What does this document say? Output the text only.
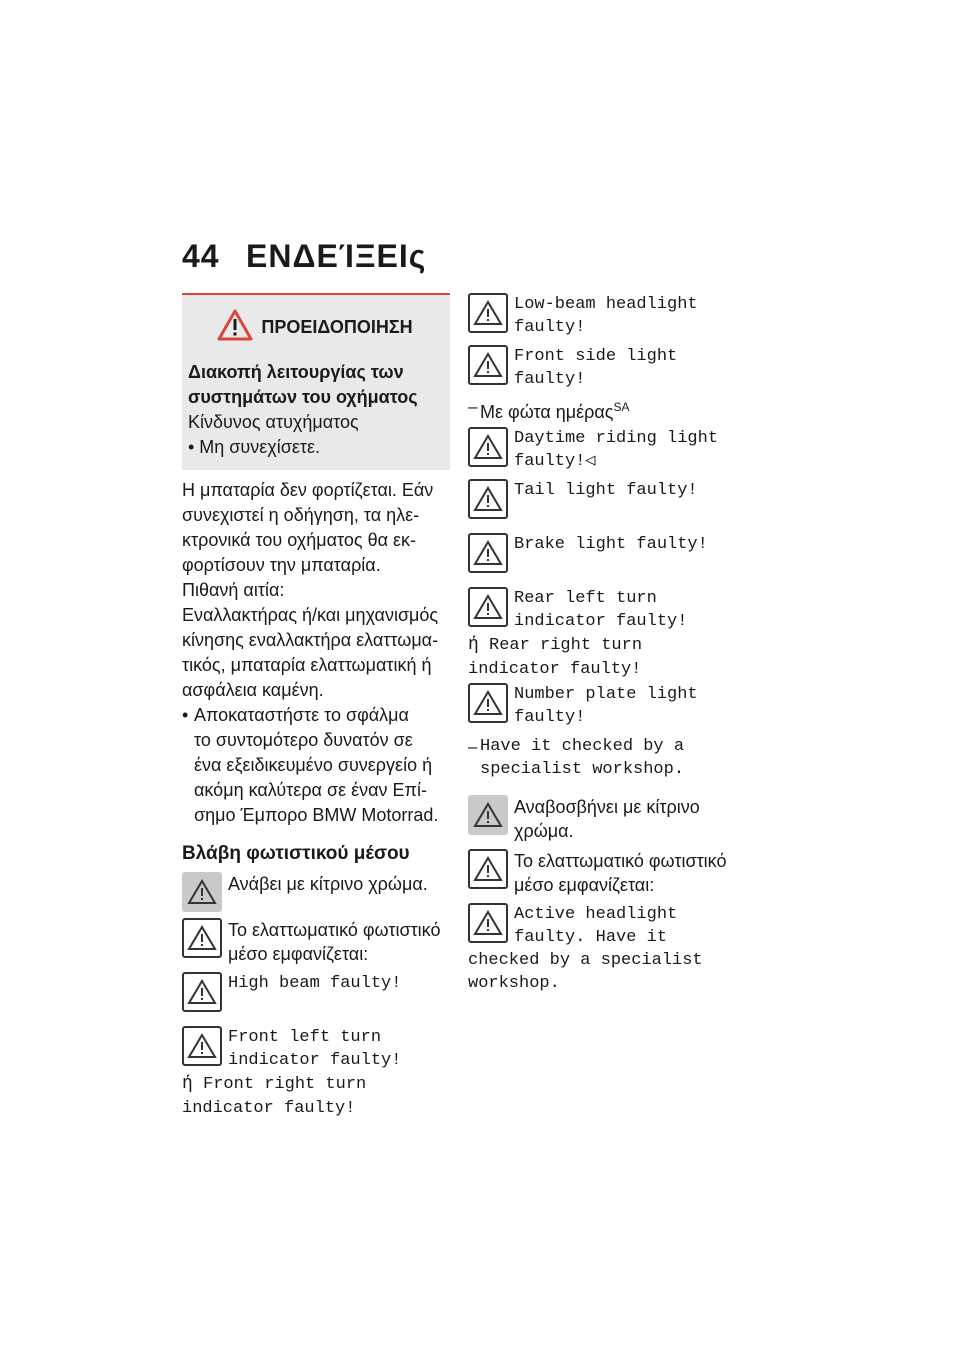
44 ΕΝΔΕΊΞΕΙς
ΠΡΟΕΙΔΟΠΟΙΗΣΗ
Διακοπή λειτουργίας των
συστημάτων του οχήματος
Κίνδυνος ατυχήματος
• Μη συνεχίσετε.
Η μπαταρία δεν φορτίζεται. Εάν
συνεχιστεί η οδήγηση, τα ηλε-
κτρονικά του οχήματος θα εκ-
φορτίσουν την μπαταρία.
Πιθανή αιτία:
Εναλλακτήρας ή/και μηχανισμός
κίνησης εναλλακτήρα ελαττωμα-
τικός, μπαταρία ελαττωματική ή
ασφάλεια καμένη.
• Αποκαταστήστε το σφάλμα
το συντομότερο δυνατόν σε
ένα εξειδικευμένο συνεργείο ή
ακόμη καλύτερα σε έναν Επί-
σημο Έμπορο BMW Motorrad.
Βλάβη φωτιστικού μέσου
Ανάβει με κίτρινο χρώμα.
Το ελαττωματικό φωτιστικό
μέσο εμφανίζεται:
High beam faulty!
Front left turn
indicator faulty!
ή Front right turn
indicator faulty!
Low-beam headlight
faulty!
Front side light
faulty!
– Με φώτα ημέρας$^{SA}$
Daytime riding light
faulty!◁
Tail light faulty!
Brake light faulty!
Rear left turn
indicator faulty!
ή Rear right turn
indicator faulty!
Number plate light
faulty!
– Have it checked by a
specialist workshop.
Αναβοσβήνει με κίτρινο
χρώμα.
Το ελαττωματικό φωτιστικό
μέσο εμφανίζεται:
Active headlight
faulty. Have it
checked by a specialist
workshop.
